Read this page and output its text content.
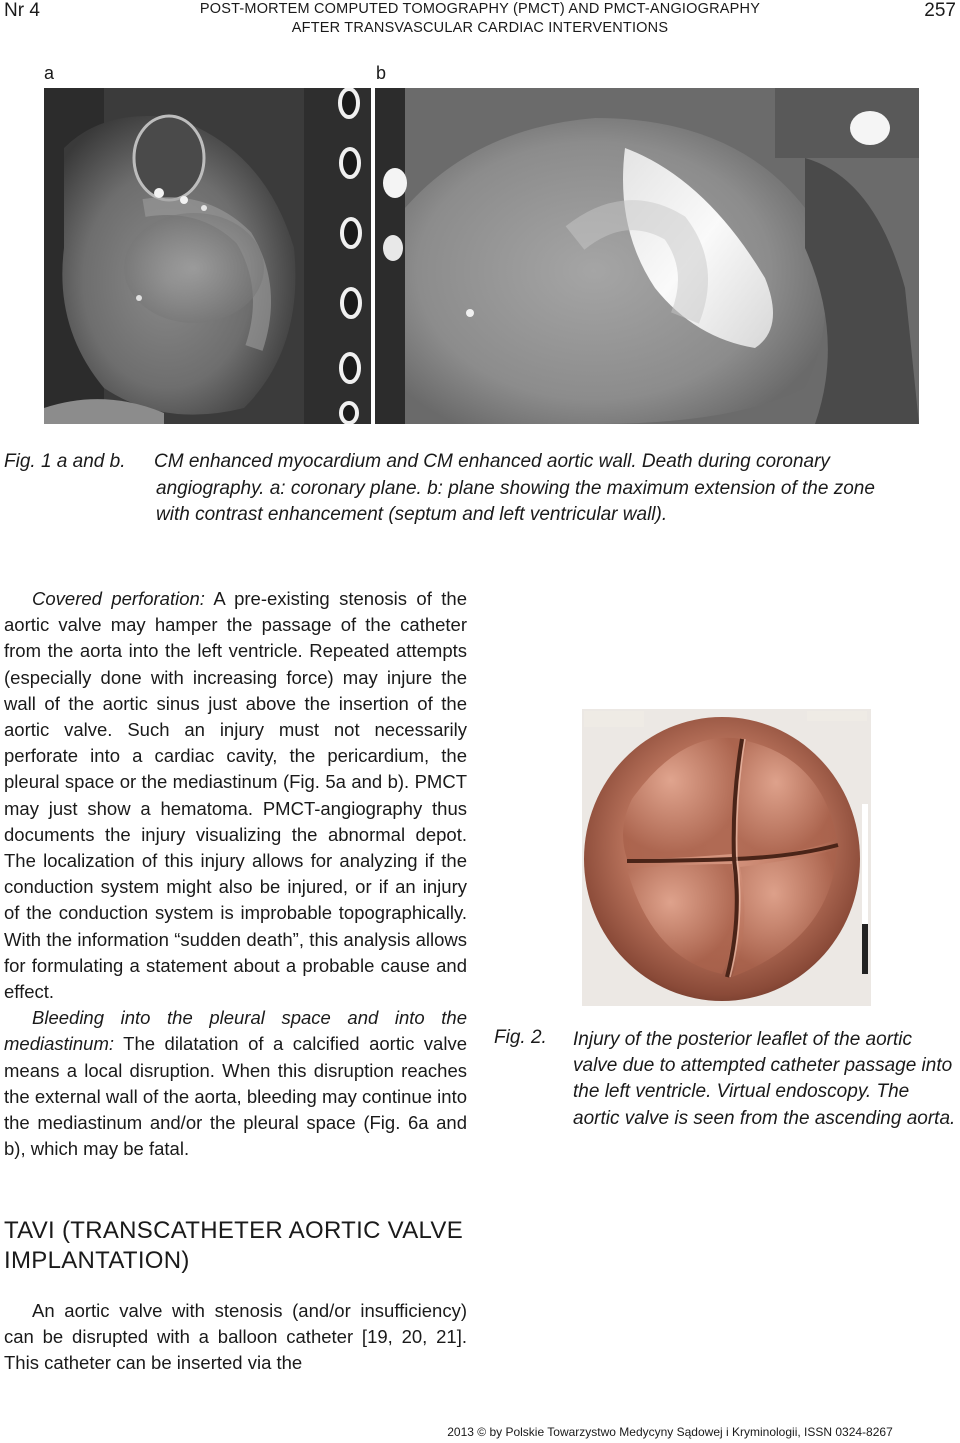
Nr 4	POST-MORTEM COMPUTED TOMOGRAPHY (PMCT) AND PMCT-ANGIOGRAPHY
AFTER TRANSVASCULAR CARDIAC INTERVENTIONS
257
a	b
Fig. 1 a and b. CM enhanced myocardium and CM enhanced aortic wall. Death during coronary
angiography. a: coronary plane. b: plane showing the maximum extension of the zone
with contrast enhancement (septum and left ventricular wall).

Covered perforation: A pre-existing stenosis of the aortic valve may hamper the passage of the catheter from the aorta into the left ventricle. Repeated attempts (especially done with increasing force) may injure the wall of the aortic sinus just above the insertion of the aortic valve. Such an injury must not necessarily perforate into a cardiac cavity, the pericardium, the pleural space or the mediastinum (Fig. 5a and b). PMCT may just show a hematoma. PMCT-angiography thus documents the injury visualizing the abnormal depot. The localization of this injury allows for analyzing if the conduction system might also be injured, or if an injury of the conduction system is improbable topographically. With the information “sudden death”, this analysis allows for formulating a statement about a probable cause and effect.

Bleeding into the pleural space and into the mediastinum: The dilatation of a calcified aortic valve means a local disruption. When this disruption reaches the external wall of the aorta, bleeding may continue into the mediastinum and/or the pleural space (Fig. 6a and b), which may be fatal.

TAVI (TRANSCATHETER AORTIC VALVE
IMPLANTATION)

An aortic valve with stenosis (and/or insufficiency) can be disrupted with a balloon catheter [19, 20, 21]. This catheter can be inserted via the

Fig. 2. Injury of the posterior leaflet of the aortic valve due to attempted catheter passage into the left ventricle. Virtual endoscopy. The aortic valve is seen from the ascending aorta.
2013 © by Polskie Towarzystwo Medycyny Sądowej i Kryminologii, ISSN 0324-8267
